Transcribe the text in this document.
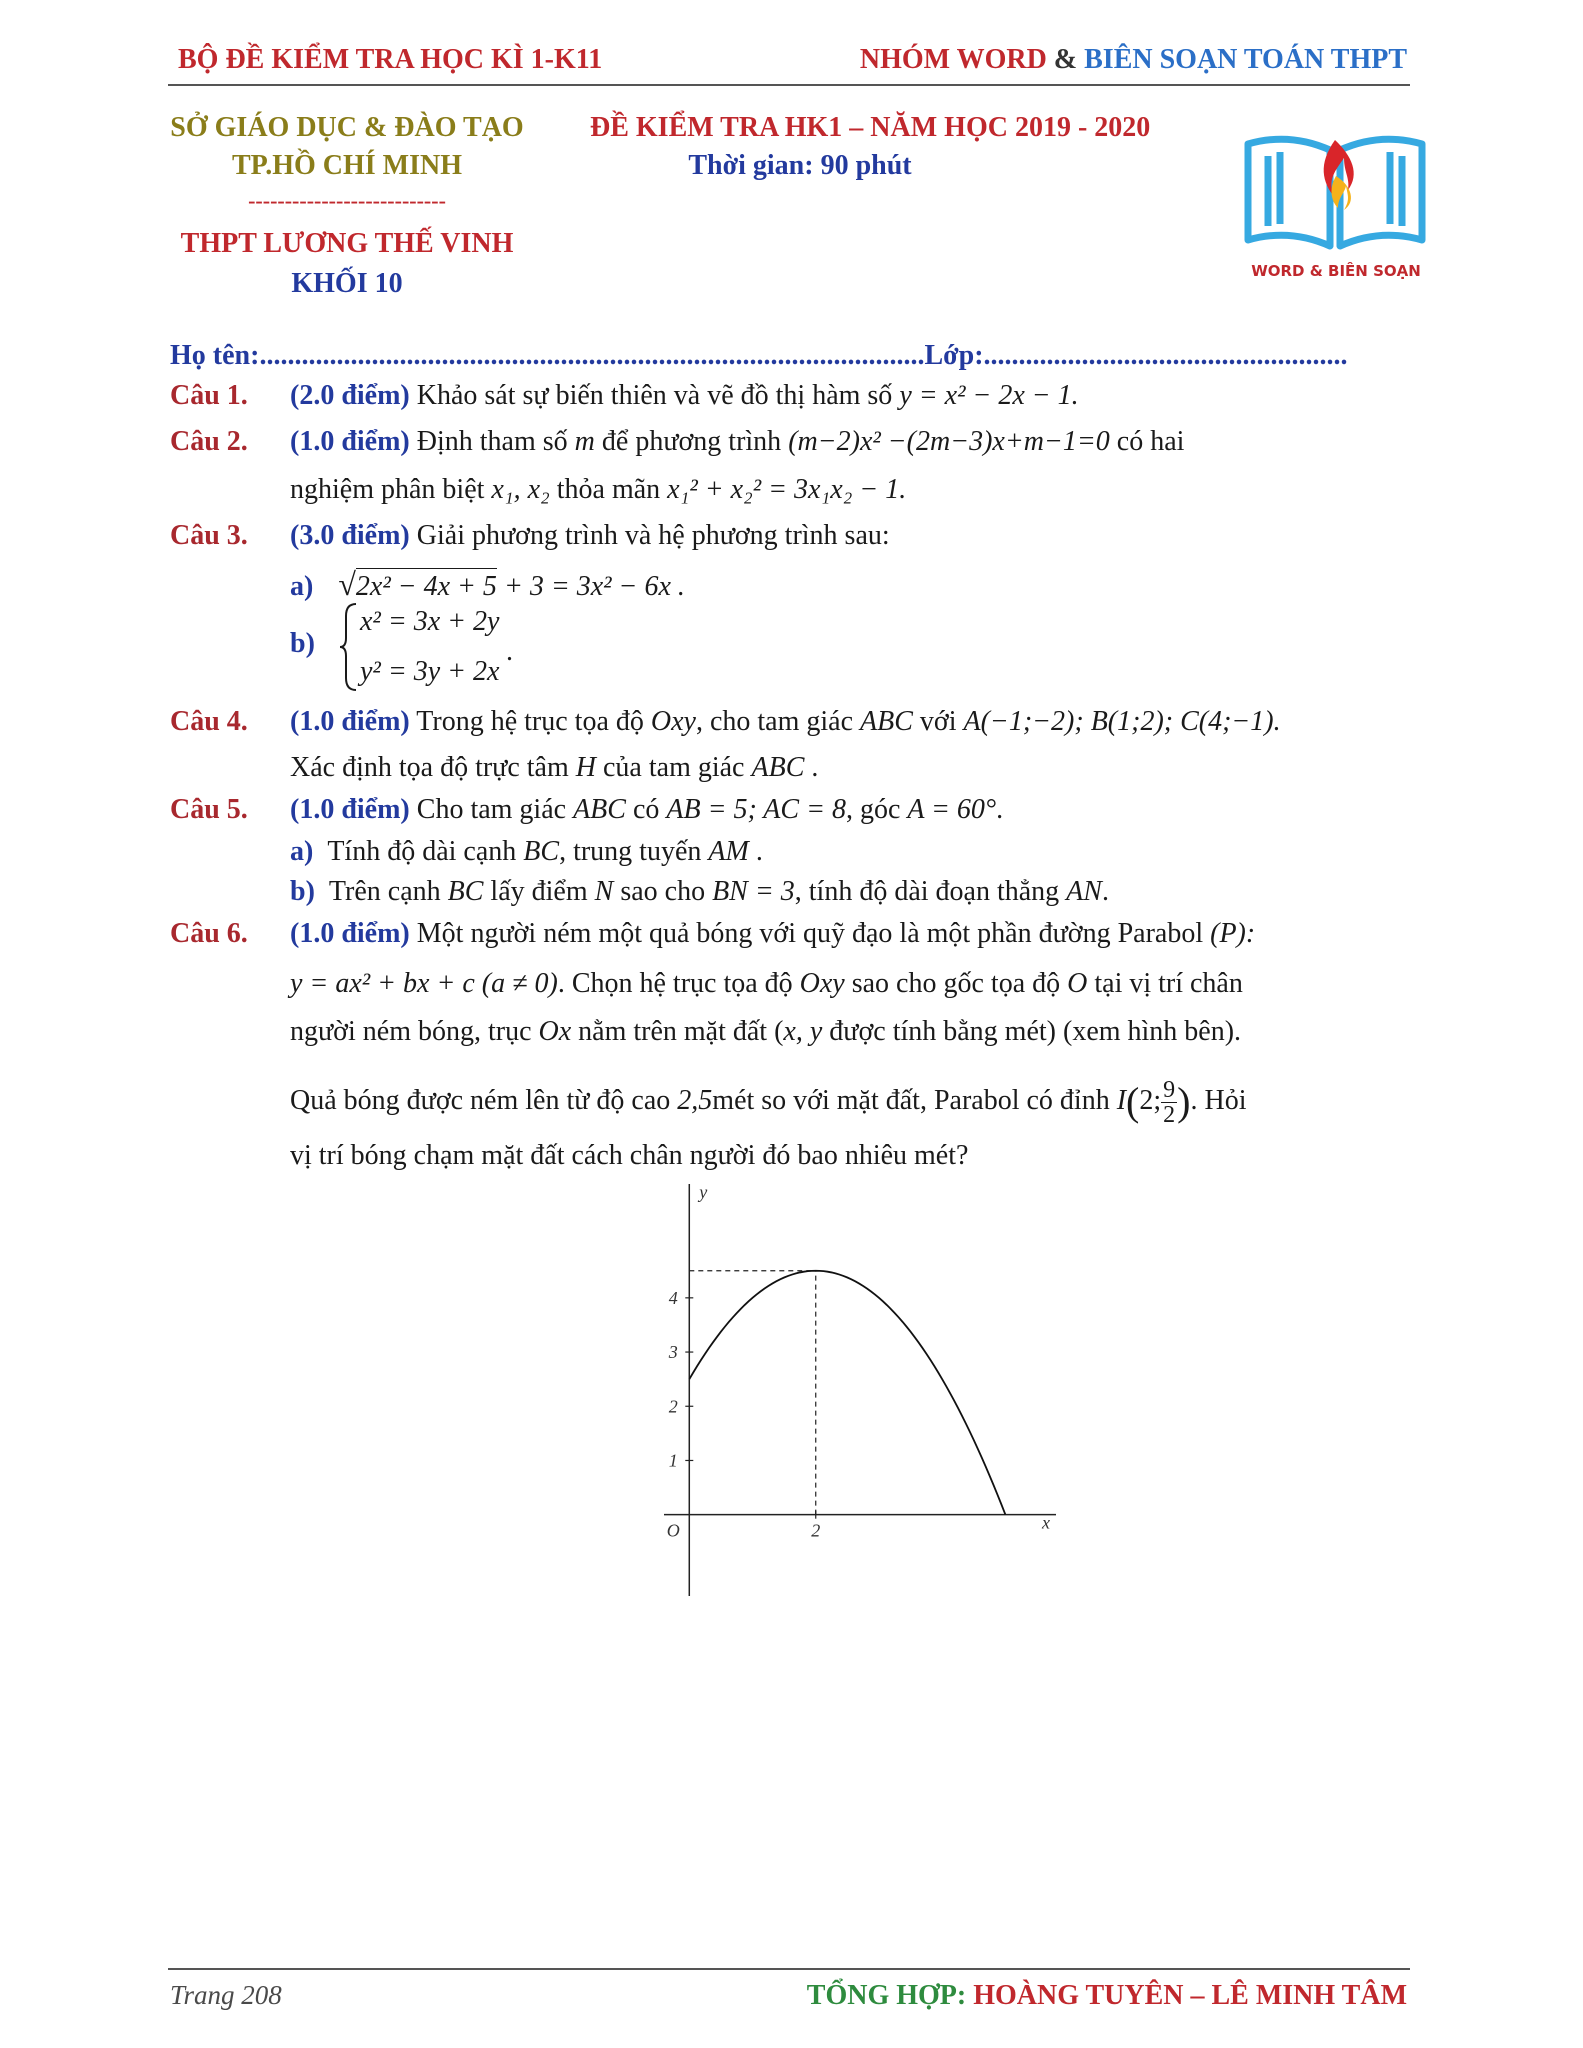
BỘ ĐỀ KIỂM TRA HỌC KÌ 1-K11	NHÓM WORD & BIÊN SOẠN TOÁN THPT
SỞ GIÁO DỤC & ĐÀO TẠO
TP.HỒ CHÍ MINH
---------------------------
THPT LƯƠNG THẾ VINH
KHỐI 10
ĐỀ KIỂM TRA HK1 – NĂM HỌC 2019 - 2020
Thời gian: 90 phút
WORD & BIÊN SOẠN
Họ tên:...............................................................................................Lớp:....................................................
Câu 1. (2.0 điểm) Khảo sát sự biến thiên và vẽ đồ thị hàm số y = x² − 2x − 1.
Câu 2. (1.0 điểm) Định tham số m để phương trình (m−2)x² −(2m−3)x+m−1=0 có hai
nghiệm phân biệt x₁, x₂ thỏa mãn x₁² + x₂² = 3x₁x₂ − 1.
Câu 3. (3.0 điểm) Giải phương trình và hệ phương trình sau:
a) √2x² − 4x + 5 + 3 = 3x² − 6x .
b)
x² = 3x + 2y
y² = 3y + 2x
.
Câu 4. (1.0 điểm) Trong hệ trục tọa độ Oxy, cho tam giác ABC với A(−1;−2); B(1;2); C(4;−1).
Xác định tọa độ trực tâm H của tam giác ABC .
Câu 5. (1.0 điểm) Cho tam giác ABC có AB = 5; AC = 8, góc A = 60°.
a) Tính độ dài cạnh BC, trung tuyến AM .
b) Trên cạnh BC lấy điểm N sao cho BN = 3, tính độ dài đoạn thẳng AN.
Câu 6. (1.0 điểm) Một người ném một quả bóng với quỹ đạo là một phần đường Parabol (P):
y = ax² + bx + c (a ≠ 0). Chọn hệ trục tọa độ Oxy sao cho gốc tọa độ O tại vị trí chân
người ném bóng, trục Ox nằm trên mặt đất (x, y được tính bằng mét) (xem hình bên).
Quả bóng được ném lên từ độ cao 2,5mét so với mặt đất, Parabol có đỉnh I(2; $\frac{9}{2}$ ). Hỏi
vị trí bóng chạm mặt đất cách chân người đó bao nhiêu mét?
x
y
O
1
2
3
4
2
Trang 208	TỔNG HỢP: HOÀNG TUYÊN – LÊ MINH TÂM
